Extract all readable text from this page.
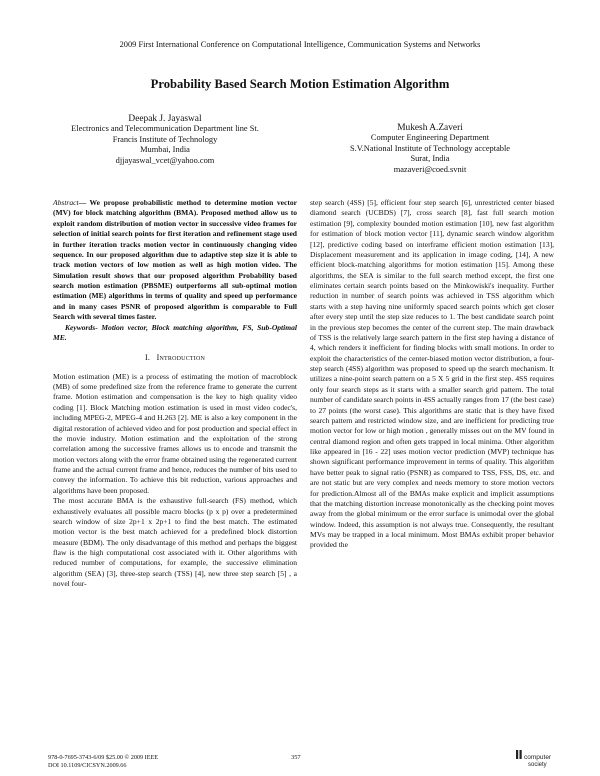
2009 First International Conference on Computational Intelligence, Communication Systems and Networks
Probability Based Search Motion Estimation Algorithm
Deepak J. Jayaswal
Electronics and Telecommunication Department line St.
Francis Institute of Technology
Mumbai, India
djjayaswal_vcet@yahoo.com
Mukesh A.Zaveri
Computer Engineering Department
S.V.National Institute of Technology acceptable
Surat, India
mazaveri@coed.svnit

Abstract— We propose probabilistic method to determine motion vector (MV) for block matching algorithm (BMA). Proposed method allow us to exploit random distribution of motion vector in successive video frames for selection of initial search points for first iteration and refinement stage used in further iteration tracks motion vector in continuously changing video sequence. In our proposed algorithm due to adaptive step size it is able to track motion vectors of low motion as well as high motion video. The Simulation result shows that our proposed algorithm Probability based search motion estimation (PBSME) outperforms all sub-optimal motion estimation (ME) algorithms in terms of quality and speed up performance and in many cases PSNR of proposed algorithm is comparable to Full Search with several times faster.

Keywords- Motion vector, Block matching algorithm, FS, Sub-Optimal ME.

I. Introduction

Motion estimation (ME) is a process of estimating the motion of macroblock (MB) of some predefined size from the reference frame to generate the current frame. Motion estimation and compensation is the key to high quality video coding [1]. Block Matching motion estimation is used in most video codec's, including MPEG-2, MPEG-4 and H.263 [2]. ME is also a key component in the digital restoration of achieved video and for post production and special effect in the movie industry. Motion estimation and the exploitation of the strong correlation among the successive frames allows us to encode and transmit the motion vectors along with the error frame obtained using the regenerated current frame and the actual current frame and hence, reduces the number of bits used to convey the information. To achieve this bit reduction, various approaches and algorithms have been proposed.

The most accurate BMA is the exhaustive full-search (FS) method, which exhaustively evaluates all possible macro blocks (p x p) over a predetermined search window of size 2p+1 x 2p+1 to find the best match. The estimated motion vector is the best match achieved for a predefined block distortion measure (BDM). The only disadvantage of this method and perhaps the biggest flaw is the high computational cost associated with it. Other algorithms with reduced number of computations, for example, the successive elimination algorithm (SEA) [3], three-step search (TSS) [4], new three step search [5] , a novel four-

step search (4SS) [5], efficient four step search [6], unrestricted center biased diamond search (UCBDS) [7], cross search [8], fast full search motion estimation [9], complexity bounded motion estimation [10], new fast algorithm for estimation of block motion vector [11], dynamic search window algorithm [12], predictive coding based on interframe efficient motion estimation [13], Displacement measurement and its application in image coding, [14], A new efficient block-matching algorithms for motion estimation [15]. Among these algorithms, the SEA is similar to the full search method except, the first one eliminates certain search points based on the Minkowiski's inequality. Further reduction in number of search points was achieved in TSS algorithm which starts with a step having nine uniformly spaced search points which get closer after every step until the step size reduces to 1. The best candidate search point in the previous step becomes the center of the current step. The main drawback of TSS is the relatively large search pattern in the first step having a distance of 4, which renders it inefficient for finding blocks with small motions. In order to exploit the characteristics of the center-biased motion vector distribution, a four-step search (4SS) algorithm was proposed to speed up the search mechanism. It utilizes a nine-point search pattern on a 5 X 5 grid in the first step. 4SS requires only four search steps as it starts with a smaller search grid pattern. The total number of candidate search points in 4SS actually ranges from 17 (the best case) to 27 points (the worst case). This algorithms are static that is they have fixed search pattern and restricted window size, and are inefficient for predicting true motion vector for low or high motion , generally misses out on the MV found in central diamond region and often gets trapped in local minima. Other algorithm like appeared in [16 - 22] uses motion vector prediction (MVP) technique has shown significant performance improvement in terms of quality. This algorithm have better peak to signal ratio (PSNR) as compared to TSS, FSS, DS, etc. and are not static but are very complex and needs memory to store motion vectors for prediction.Almost all of the BMAs make explicit and implicit assumptions that the matching distortion increase monotonically as the checking point moves away from the global minimum or the error surface is unimodal over the global window. Indeed, this assumption is not always true. Consequently, the resultant MVs may be trapped in a local minimum. Most BMAs exhibit proper behavior provided the

978-0-7695-3743-6/09 $25.00 © 2009 IEEE
DOI 10.1109/CICSYN.2009.66
357	computer
society
